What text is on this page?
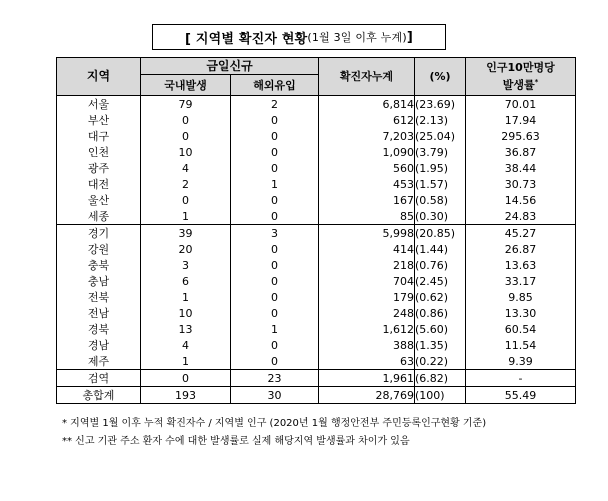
[ 지역별 확진자 현황 (1월 3일 이후 누계) ]
지역	금일신규		확진자누계	(%)	인구10만명당
발생률*

	국내발생	해외유입			
서울	79	2	6,814	(23.69)	70.01
부산	0	0	612	(2.13)	17.94
대구	0	0	7,203	(25.04)	295.63
인천	10	0	1,090	(3.79)	36.87
광주	4	0	560	(1.95)	38.44
대전	2	1	453	(1.57)	30.73
울산	0	0	167	(0.58)	14.56
세종	1	0	85	(0.30)	24.83
경기	39	3	5,998	(20.85)	45.27
강원	20	0	414	(1.44)	26.87
충북	3	0	218	(0.76)	13.63
충남	6	0	704	(2.45)	33.17
전북	1	0	179	(0.62)	9.85
전남	10	0	248	(0.86)	13.30
경북	13	1	1,612	(5.60)	60.54
경남	4	0	388	(1.35)	11.54
제주	1	0	63	(0.22)	9.39
검역	0	23	1,961	(6.82)	-
총합계	193	30	28,769	(100)	55.49
* 지역별 1월 이후 누적 확진자수 / 지역별 인구 (2020년 1월 행정안전부 주민등록인구현황 기준)
** 신고 기관 주소 환자 수에 대한 발생률로 실제 해당지역 발생률과 차이가 있음
